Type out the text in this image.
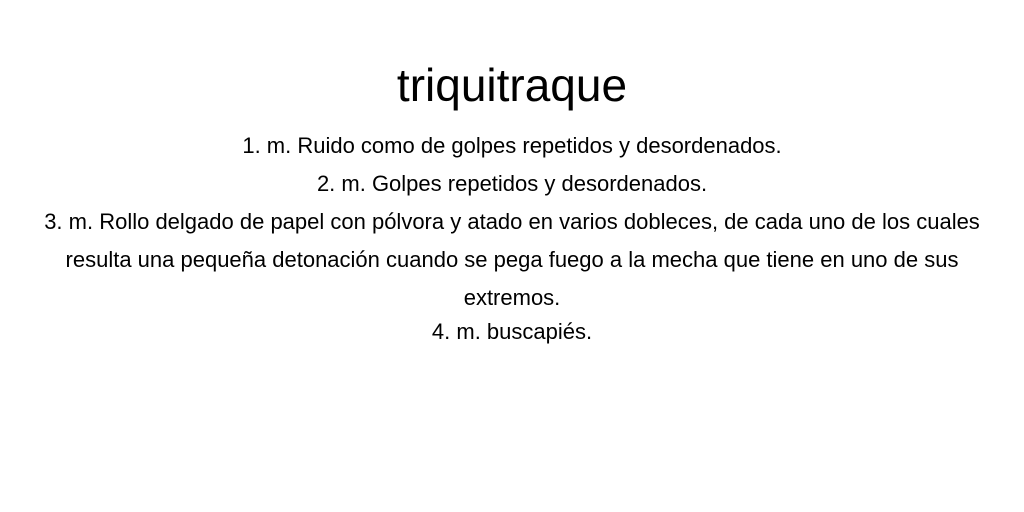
triquitraque

1. m. Ruido como de golpes repetidos y desordenados.

2. m. Golpes repetidos y desordenados.

3. m. Rollo delgado de papel con pólvora y atado en varios dobleces, de cada uno de los cuales resulta una pequeña detonación cuando se pega fuego a la mecha que tiene en uno de sus extremos.

4. m. buscapiés.
